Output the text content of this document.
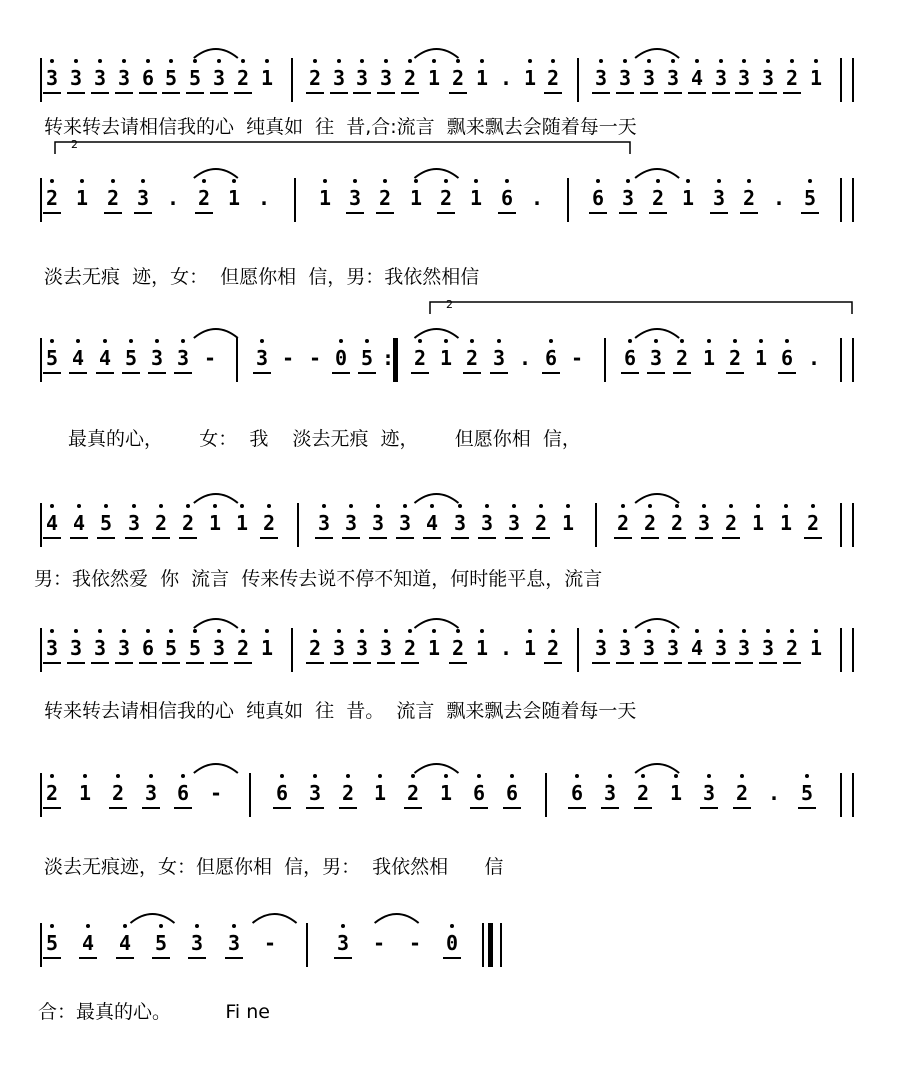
3 3 3 3 6 5 5 3 2 1 2 3 3 3 2 1 2 1 . 1 2 3 3 3 3 4 3 3 3 2 1
转来转去请相信我的心  纯真如  往  昔,合:流言  飘来飘去会随着每一天
2 1 2 3 . 2 1 . 1 3 2 1 2 1 6 . 6 3 2 1 3 2 . 5
2
淡去无痕  迹，女：  但愿你相  信，男：我依然相信
5 4 4 5 3 3 - 3 - - 0 5 : 2 1 2 3 . 6 - 6 3 2 1 2 1 6 .
2
最真的心，      女：  我    淡去无痕  迹，      但愿你相  信，
4 4 5 3 2 2 1 1 2 3 3 3 3 4 3 3 3 2 1 2 2 2 3 2 1 1 2
男：我依然爱  你  流言  传来传去说不停不知道，何时能平息，流言
3 3 3 3 6 5 5 3 2 1 2 3 3 3 2 1 2 1 . 1 2 3 3 3 3 4 3 3 3 2 1
转来转去请相信我的心  纯真如  往  昔。  流言  飘来飘去会随着每一天
2 1 2 3 6 -	6 3 2 1 2 1 6 6	6 3 2 1 3 2 . 5
淡去无痕迹，女：但愿你相  信，男：  我依然相      信
5 4 4 5 3 3 -	3 - - 0
合：最真的心。         Fi ne
